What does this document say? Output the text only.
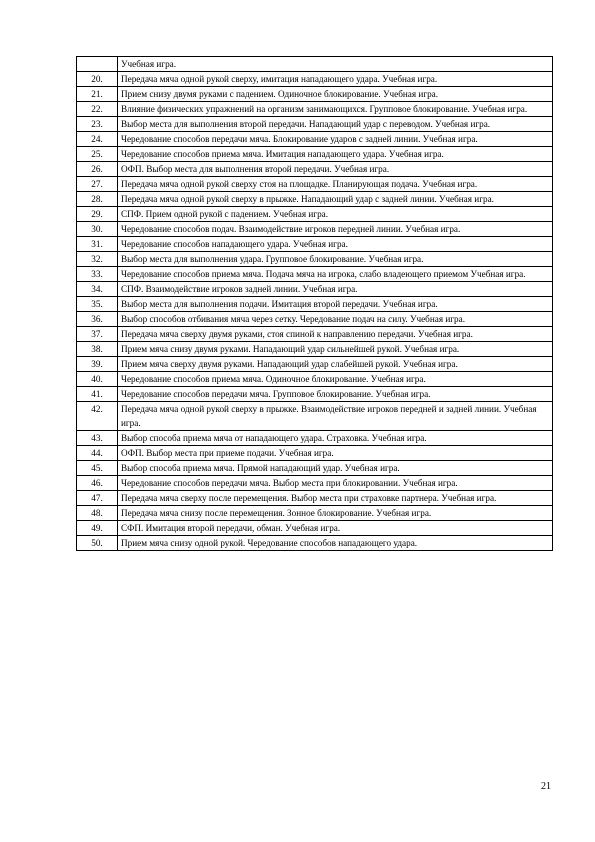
	Учебная игра.
20.	Передача мяча одной рукой сверху, имитация нападающего удара. Учебная игра.
21.	Прием снизу двумя руками с падением. Одиночное блокирование. Учебная игра.
22.	Влияние физических упражнений на организм занимающихся. Групповое блокирование. Учебная игра.
23.	Выбор места для выполнения второй передачи. Нападающий удар с переводом. Учебная игра.
24.	Чередование способов передачи мяча. Блокирование ударов с задней линии. Учебная игра.
25.	Чередование способов приема мяча. Имитация нападающего удара. Учебная игра.
26.	ОФП. Выбор места для выполнения второй передачи. Учебная игра.
27.	Передача мяча одной рукой сверху стоя на площадке. Планирующая подача. Учебная игра.
28.	Передача мяча одной рукой сверху в прыжке. Нападающий удар с задней линии. Учебная игра.
29.	СПФ. Прием одной рукой с падением. Учебная игра.
30.	Чередование способов подач. Взаимодействие игроков передней линии. Учебная игра.
31.	Чередование способов нападающего удара. Учебная игра.
32.	Выбор места для выполнения удара. Групповое блокирование. Учебная игра.
33.	Чередование способов приема мяча. Подача мяча на игрока, слабо владеющего приемом Учебная игра.
34.	СПФ. Взаимодействие игроков задней линии. Учебная игра.
35.	Выбор места для выполнения подачи. Имитация второй передачи. Учебная игра.
36.	Выбор способов отбивания мяча через сетку. Чередование подач на силу. Учебная игра.
37.	Передача мяча сверху двумя руками, стоя спиной к направлению передачи. Учебная игра.
38.	Прием мяча снизу двумя руками. Нападающий удар сильнейшей рукой. Учебная игра.
39.	Прием мяча сверху двумя руками. Нападающий удар слабейшей рукой. Учебная игра.
40.	Чередование способов приема мяча. Одиночное блокирование. Учебная игра.
41.	Чередование способов передачи мяча. Групповое блокирование. Учебная игра.
42.	Передача мяча одной рукой сверху в прыжке. Взаимодействие игроков передней и задней линии. Учебная игра.
43.	Выбор способа приема мяча от нападающего удара. Страховка. Учебная игра.
44.	ОФП. Выбор места при приеме подачи. Учебная игра.
45.	Выбор способа приема мяча. Прямой нападающий удар. Учебная игра.
46.	Чередование способов передачи мяча. Выбор места при блокировании. Учебная игра.
47.	Передача мяча сверху после перемещения. Выбор места при страховке партнера. Учебная игра.
48.	Передача мяча снизу после перемещения. Зонное блокирование. Учебная игра.
49.	СФП. Имитация второй передачи, обман. Учебная игра.
50.	Прием мяча снизу одной рукой. Чередование способов нападающего удара.
21
